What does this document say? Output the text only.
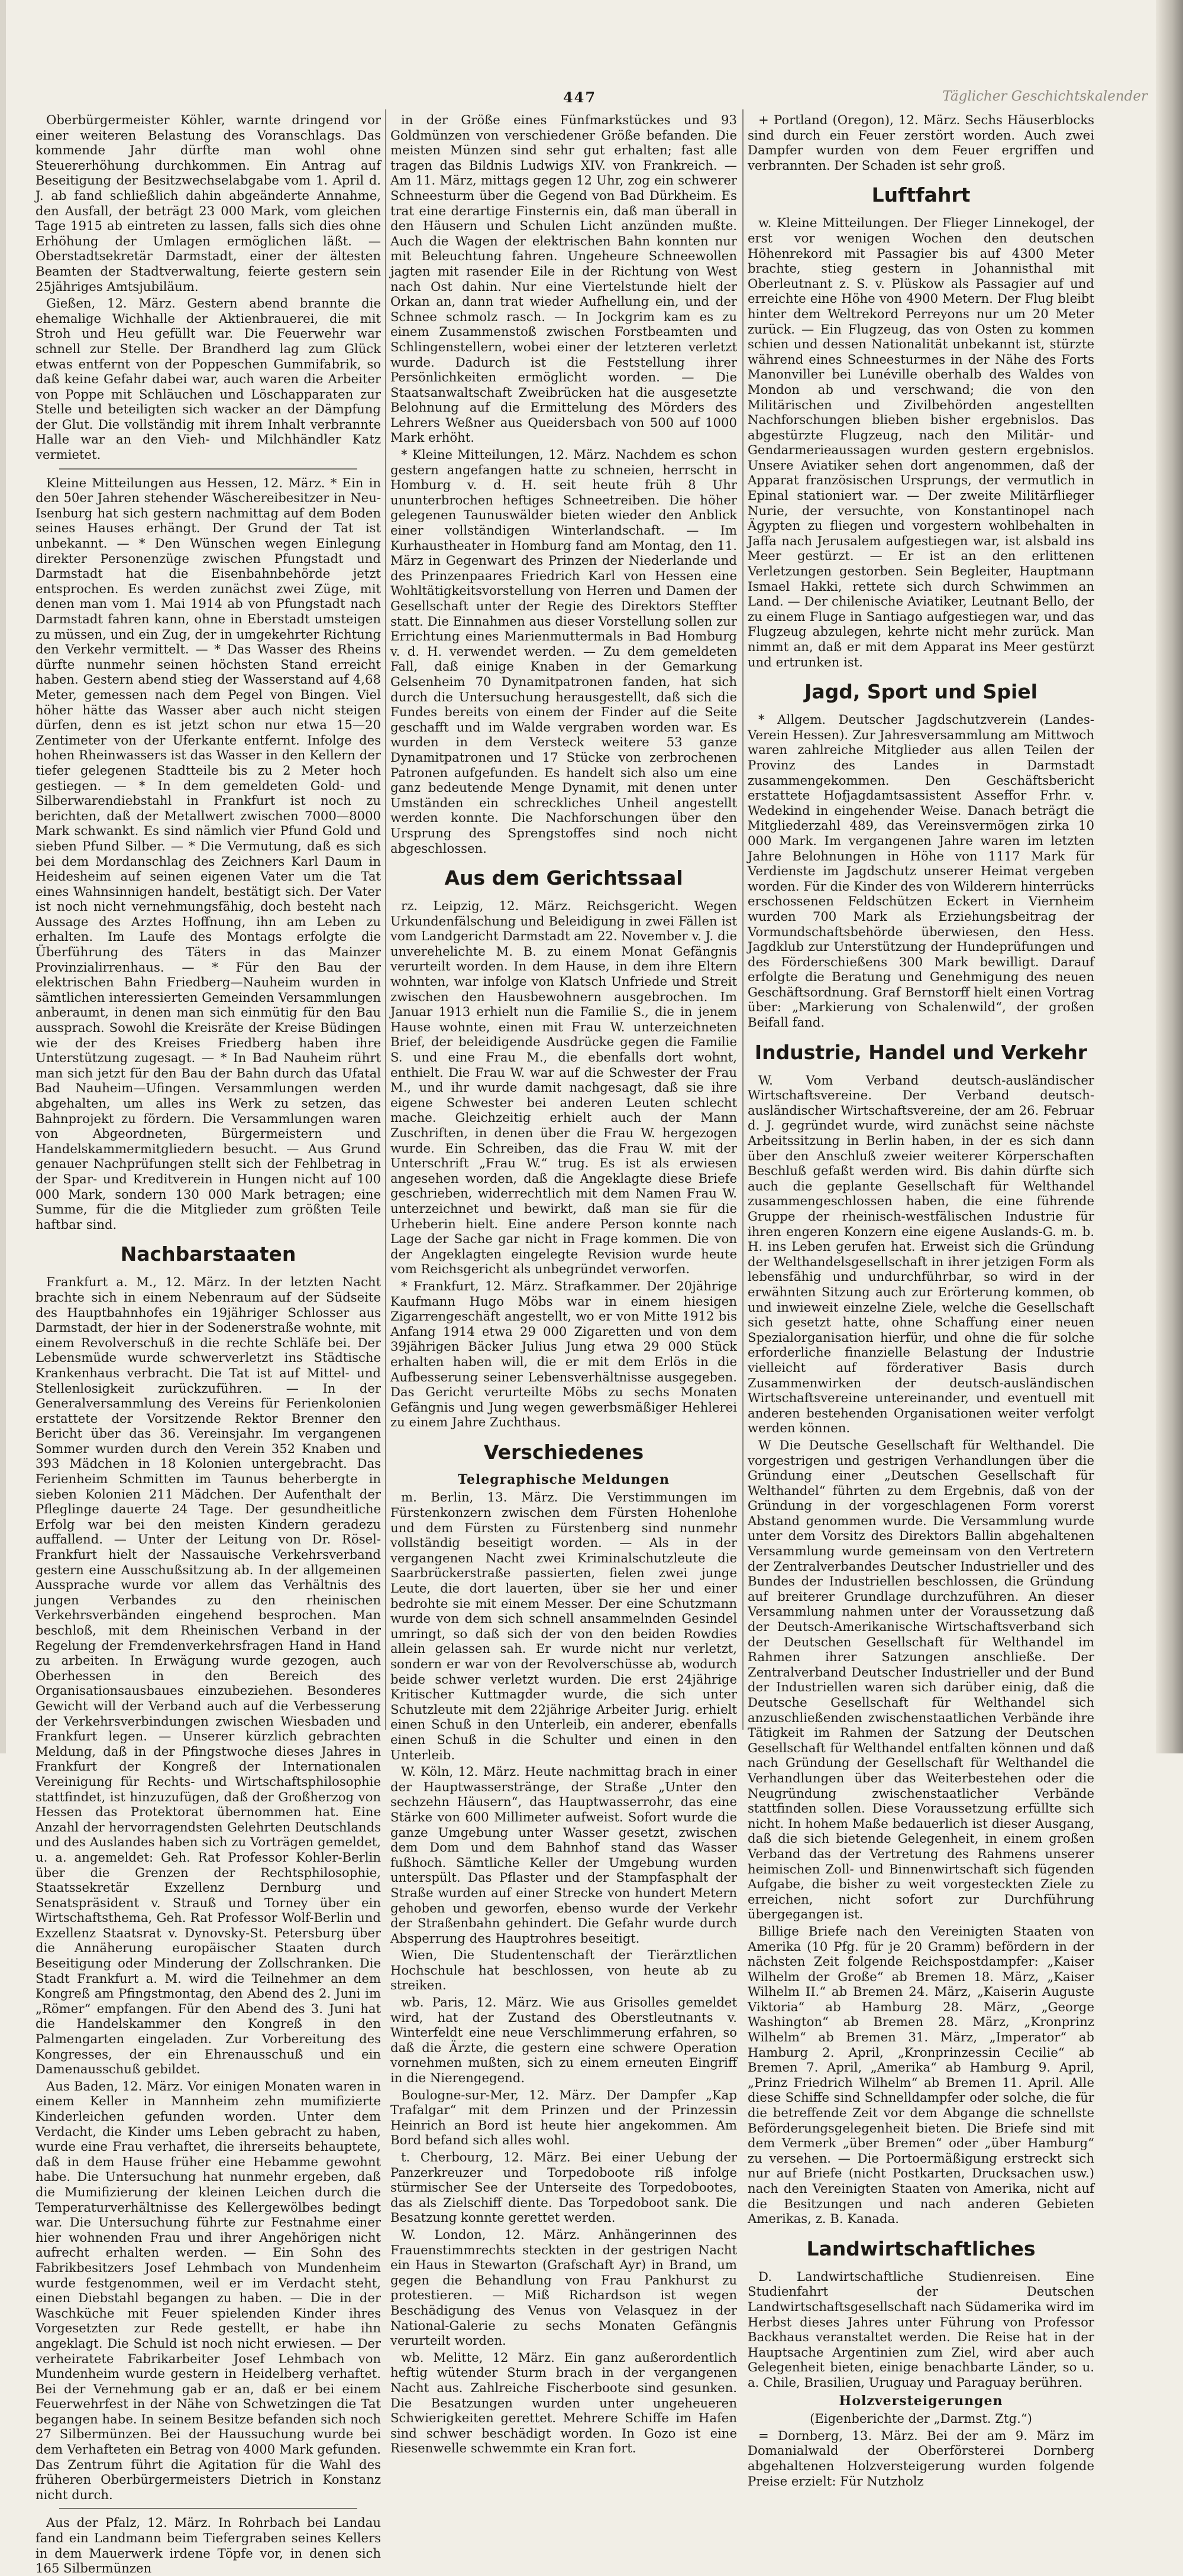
447	Täglicher Geschichtskalender

Oberbürgermeister Köhler, warnte dringend vor einer weiteren Belastung des Voranschlags. Das kommende Jahr dürfte man wohl ohne Steuererhöhung durchkommen. Ein Antrag auf Beseitigung der Besitzwechselabgabe vom 1. April d. J. ab fand schließlich dahin abgeänderte Annahme, den Ausfall, der beträgt 23 000 Mark, vom gleichen Tage 1915 ab eintreten zu lassen, falls sich dies ohne Erhöhung der Umlagen ermöglichen läßt. — Oberstadtsekretär Darmstadt, einer der ältesten Beamten der Stadtverwaltung, feierte gestern sein 25jähriges Amtsjubiläum.

Gießen, 12. März. Gestern abend brannte die ehemalige Wichhalle der Aktienbrauerei, die mit Stroh und Heu gefüllt war. Die Feuerwehr war schnell zur Stelle. Der Brandherd lag zum Glück etwas entfernt von der Poppeschen Gummifabrik, so daß keine Gefahr dabei war, auch waren die Arbeiter von Poppe mit Schläuchen und Löschapparaten zur Stelle und beteiligten sich wacker an der Dämpfung der Glut. Die vollständig mit ihrem Inhalt verbrannte Halle war an den Vieh- und Milchhändler Katz vermietet.

Kleine Mitteilungen aus Hessen, 12. März. * Ein in den 50er Jahren stehender Wäschereibesitzer in Neu-Isenburg hat sich gestern nachmittag auf dem Boden seines Hauses erhängt. Der Grund der Tat ist unbekannt. — * Den Wünschen wegen Einlegung direkter Personenzüge zwischen Pfungstadt und Darmstadt hat die Eisenbahnbehörde jetzt entsprochen. Es werden zunächst zwei Züge, mit denen man vom 1. Mai 1914 ab von Pfungstadt nach Darmstadt fahren kann, ohne in Eberstadt umsteigen zu müssen, und ein Zug, der in umgekehrter Richtung den Verkehr vermittelt. — * Das Wasser des Rheins dürfte nunmehr seinen höchsten Stand erreicht haben. Gestern abend stieg der Wasserstand auf 4,68 Meter, gemessen nach dem Pegel von Bingen. Viel höher hätte das Wasser aber auch nicht steigen dürfen, denn es ist jetzt schon nur etwa 15—20 Zentimeter von der Uferkante entfernt. Infolge des hohen Rheinwassers ist das Wasser in den Kellern der tiefer gelegenen Stadtteile bis zu 2 Meter hoch gestiegen. — * In dem gemeldeten Gold- und Silberwarendiebstahl in Frankfurt ist noch zu berichten, daß der Metallwert zwischen 7000—8000 Mark schwankt. Es sind nämlich vier Pfund Gold und sieben Pfund Silber. — * Die Vermutung, daß es sich bei dem Mordanschlag des Zeichners Karl Daum in Heidesheim auf seinen eigenen Vater um die Tat eines Wahnsinnigen handelt, bestätigt sich. Der Vater ist noch nicht vernehmungsfähig, doch besteht nach Aussage des Arztes Hoffnung, ihn am Leben zu erhalten. Im Laufe des Montags erfolgte die Überführung des Täters in das Mainzer Provinzialirrenhaus. — * Für den Bau der elektrischen Bahn Friedberg—Nauheim wurden in sämtlichen interessierten Gemeinden Versammlungen anberaumt, in denen man sich einmütig für den Bau aussprach. Sowohl die Kreisräte der Kreise Büdingen wie der des Kreises Friedberg haben ihre Unterstützung zugesagt. — * In Bad Nauheim rührt man sich jetzt für den Bau der Bahn durch das Ufatal Bad Nauheim—Ufingen. Versammlungen werden abgehalten, um alles ins Werk zu setzen, das Bahnprojekt zu fördern. Die Versammlungen waren von Abgeordneten, Bürgermeistern und Handelskammermitgliedern besucht. — Aus Grund genauer Nachprüfungen stellt sich der Fehlbetrag in der Spar- und Kreditverein in Hungen nicht auf 100 000 Mark, sondern 130 000 Mark betragen; eine Summe, für die die Mitglieder zum größten Teile haftbar sind.

Nachbarstaaten

Frankfurt a. M., 12. März. In der letzten Nacht brachte sich in einem Nebenraum auf der Südseite des Hauptbahnhofes ein 19jähriger Schlosser aus Darmstadt, der hier in der Sodenerstraße wohnte, mit einem Revolverschuß in die rechte Schläfe bei. Der Lebensmüde wurde schwerverletzt ins Städtische Krankenhaus verbracht. Die Tat ist auf Mittel- und Stellenlosigkeit zurückzuführen. — In der Generalversammlung des Vereins für Ferienkolonien erstattete der Vorsitzende Rektor Brenner den Bericht über das 36. Vereinsjahr. Im vergangenen Sommer wurden durch den Verein 352 Knaben und 393 Mädchen in 18 Kolonien untergebracht. Das Ferienheim Schmitten im Taunus beherbergte in sieben Kolonien 211 Mädchen. Der Aufenthalt der Pfleglinge dauerte 24 Tage. Der gesundheitliche Erfolg war bei den meisten Kindern geradezu auffallend. — Unter der Leitung von Dr. Rösel-Frankfurt hielt der Nassauische Verkehrsverband gestern eine Ausschußsitzung ab. In der allgemeinen Aussprache wurde vor allem das Verhältnis des jungen Verbandes zu den rheinischen Verkehrsverbänden eingehend besprochen. Man beschloß, mit dem Rheinischen Verband in der Regelung der Fremdenverkehrsfragen Hand in Hand zu arbeiten. In Erwägung wurde gezogen, auch Oberhessen in den Bereich des Organisationsausbaues einzubeziehen. Besonderes Gewicht will der Verband auch auf die Verbesserung der Verkehrsverbindungen zwischen Wiesbaden und Frankfurt legen. — Unserer kürzlich gebrachten Meldung, daß in der Pfingstwoche dieses Jahres in Frankfurt der Kongreß der Internationalen Vereinigung für Rechts- und Wirtschaftsphilosophie stattfindet, ist hinzuzufügen, daß der Großherzog von Hessen das Protektorat übernommen hat. Eine Anzahl der hervorragendsten Gelehrten Deutschlands und des Auslandes haben sich zu Vorträgen gemeldet, u. a. angemeldet: Geh. Rat Professor Kohler-Berlin über die Grenzen der Rechtsphilosophie, Staatssekretär Exzellenz Dernburg und Senatspräsident v. Strauß und Torney über ein Wirtschaftsthema, Geh. Rat Professor Wolf-Berlin und Exzellenz Staatsrat v. Dynovsky-St. Petersburg über die Annäherung europäischer Staaten durch Beseitigung oder Minderung der Zollschranken. Die Stadt Frankfurt a. M. wird die Teilnehmer an dem Kongreß am Pfingstmontag, den Abend des 2. Juni im „Römer“ empfangen. Für den Abend des 3. Juni hat die Handelskammer den Kongreß in den Palmengarten eingeladen. Zur Vorbereitung des Kongresses, der ein Ehrenausschuß und ein Damenausschuß gebildet.

Aus Baden, 12. März. Vor einigen Monaten waren in einem Keller in Mannheim zehn mumifizierte Kinderleichen gefunden worden. Unter dem Verdacht, die Kinder ums Leben gebracht zu haben, wurde eine Frau verhaftet, die ihrerseits behauptete, daß in dem Hause früher eine Hebamme gewohnt habe. Die Untersuchung hat nunmehr ergeben, daß die Mumifizierung der kleinen Leichen durch die Temperaturverhältnisse des Kellergewölbes bedingt war. Die Untersuchung führte zur Festnahme einer hier wohnenden Frau und ihrer Angehörigen nicht aufrecht erhalten werden. — Ein Sohn des Fabrikbesitzers Josef Lehmbach von Mundenheim wurde festgenommen, weil er im Verdacht steht, einen Diebstahl begangen zu haben. — Die in der Waschküche mit Feuer spielenden Kinder ihres Vorgesetzten zur Rede gestellt, er habe ihn angeklagt. Die Schuld ist noch nicht erwiesen. — Der verheiratete Fabrikarbeiter Josef Lehmbach von Mundenheim wurde gestern in Heidelberg verhaftet. Bei der Vernehmung gab er an, daß er bei einem Feuerwehrfest in der Nähe von Schwetzingen die Tat begangen habe. In seinem Besitze befanden sich noch 27 Silbermünzen. Bei der Haussuchung wurde bei dem Verhafteten ein Betrag von 4000 Mark gefunden. Das Zentrum führt die Agitation für die Wahl des früheren Oberbürgermeisters Dietrich in Konstanz nicht durch.

Aus der Pfalz, 12. März. In Rohrbach bei Landau fand ein Landmann beim Tiefergraben seines Kellers in dem Mauerwerk irdene Töpfe vor, in denen sich 165 Silbermünzen

in der Größe eines Fünfmarkstückes und 93 Goldmünzen von verschiedener Größe befanden. Die meisten Münzen sind sehr gut erhalten; fast alle tragen das Bildnis Ludwigs XIV. von Frankreich. — Am 11. März, mittags gegen 12 Uhr, zog ein schwerer Schneesturm über die Gegend von Bad Dürkheim. Es trat eine derartige Finsternis ein, daß man überall in den Häusern und Schulen Licht anzünden mußte. Auch die Wagen der elektrischen Bahn konnten nur mit Beleuchtung fahren. Ungeheure Schneewollen jagten mit rasender Eile in der Richtung von West nach Ost dahin. Nur eine Viertelstunde hielt der Orkan an, dann trat wieder Aufhellung ein, und der Schnee schmolz rasch. — In Jockgrim kam es zu einem Zusammenstoß zwischen Forstbeamten und Schlingenstellern, wobei einer der letzteren verletzt wurde. Dadurch ist die Feststellung ihrer Persönlichkeiten ermöglicht worden. — Die Staatsanwaltschaft Zweibrücken hat die ausgesetzte Belohnung auf die Ermittelung des Mörders des Lehrers Weßner aus Queidersbach von 500 auf 1000 Mark erhöht.

* Kleine Mitteilungen, 12. März. Nachdem es schon gestern angefangen hatte zu schneien, herrscht in Homburg v. d. H. seit heute früh 8 Uhr ununterbrochen heftiges Schneetreiben. Die höher gelegenen Taunuswälder bieten wieder den Anblick einer vollständigen Winterlandschaft. — Im Kurhaustheater in Homburg fand am Montag, den 11. März in Gegenwart des Prinzen der Niederlande und des Prinzenpaares Friedrich Karl von Hessen eine Wohltätigkeitsvorstellung von Herren und Damen der Gesellschaft unter der Regie des Direktors Steffter statt. Die Einnahmen aus dieser Vorstellung sollen zur Errichtung eines Marienmuttermals in Bad Homburg v. d. H. verwendet werden. — Zu dem gemeldeten Fall, daß einige Knaben in der Gemarkung Gelsenheim 70 Dynamitpatronen fanden, hat sich durch die Untersuchung herausgestellt, daß sich die Fundes bereits von einem der Finder auf die Seite geschafft und im Walde vergraben worden war. Es wurden in dem Versteck weitere 53 ganze Dynamitpatronen und 17 Stücke von zerbrochenen Patronen aufgefunden. Es handelt sich also um eine ganz bedeutende Menge Dynamit, mit denen unter Umständen ein schreckliches Unheil angestellt werden konnte. Die Nachforschungen über den Ursprung des Sprengstoffes sind noch nicht abgeschlossen.

Aus dem Gerichtssaal

rz. Leipzig, 12. März. Reichsgericht. Wegen Urkundenfälschung und Beleidigung in zwei Fällen ist vom Landgericht Darmstadt am 22. November v. J. die unverehelichte M. B. zu einem Monat Gefängnis verurteilt worden. In dem Hause, in dem ihre Eltern wohnten, war infolge von Klatsch Unfriede und Streit zwischen den Hausbewohnern ausgebrochen. Im Januar 1913 erhielt nun die Familie S., die in jenem Hause wohnte, einen mit Frau W. unterzeichneten Brief, der beleidigende Ausdrücke gegen die Familie S. und eine Frau M., die ebenfalls dort wohnt, enthielt. Die Frau W. war auf die Schwester der Frau M., und ihr wurde damit nachgesagt, daß sie ihre eigene Schwester bei anderen Leuten schlecht mache. Gleichzeitig erhielt auch der Mann Zuschriften, in denen über die Frau W. hergezogen wurde. Ein Schreiben, das die Frau W. mit der Unterschrift „Frau W.“ trug. Es ist als erwiesen angesehen worden, daß die Angeklagte diese Briefe geschrieben, widerrechtlich mit dem Namen Frau W. unterzeichnet und bewirkt, daß man sie für die Urheberin hielt. Eine andere Person konnte nach Lage der Sache gar nicht in Frage kommen. Die von der Angeklagten eingelegte Revision wurde heute vom Reichsgericht als unbegründet verworfen.

* Frankfurt, 12. März. Strafkammer. Der 20jährige Kaufmann Hugo Möbs war in einem hiesigen Zigarrengeschäft angestellt, wo er von Mitte 1912 bis Anfang 1914 etwa 29 000 Zigaretten und von dem 39jährigen Bäcker Julius Jung etwa 29 000 Stück erhalten haben will, die er mit dem Erlös in die Aufbesserung seiner Lebensverhältnisse ausgegeben. Das Gericht verurteilte Möbs zu sechs Monaten Gefängnis und Jung wegen gewerbsmäßiger Hehlerei zu einem Jahre Zuchthaus.

Verschiedenes
Telegraphische Meldungen

m. Berlin, 13. März. Die Verstimmungen im Fürstenkonzern zwischen dem Fürsten Hohenlohe und dem Fürsten zu Fürstenberg sind nunmehr vollständig beseitigt worden. — Als in der vergangenen Nacht zwei Kriminalschutzleute die Saarbrückerstraße passierten, fielen zwei junge Leute, die dort lauerten, über sie her und einer bedrohte sie mit einem Messer. Der eine Schutzmann wurde von dem sich schnell ansammelnden Gesindel umringt, so daß sich der von den beiden Rowdies allein gelassen sah. Er wurde nicht nur verletzt, sondern er war von der Revolverschüsse ab, wodurch beide schwer verletzt wurden. Die erst 24jährige Kritischer Kuttmagder wurde, die sich unter Schutzleute mit dem 22jährige Arbeiter Jurig. erhielt einen Schuß in den Unterleib, ein anderer, ebenfalls einen Schuß in die Schulter und einen in den Unterleib.

W. Köln, 12. März. Heute nachmittag brach in einer der Hauptwasserstränge, der Straße „Unter den sechzehn Häusern“, das Hauptwasserrohr, das eine Stärke von 600 Millimeter aufweist. Sofort wurde die ganze Umgebung unter Wasser gesetzt, zwischen dem Dom und dem Bahnhof stand das Wasser fußhoch. Sämtliche Keller der Umgebung wurden unterspült. Das Pflaster und der Stampfasphalt der Straße wurden auf einer Strecke von hundert Metern gehoben und geworfen, ebenso wurde der Verkehr der Straßenbahn gehindert. Die Gefahr wurde durch Absperrung des Hauptrohres beseitigt.

Wien, Die Studentenschaft der Tierärztlichen Hochschule hat beschlossen, von heute ab zu streiken.

wb. Paris, 12. März. Wie aus Grisolles gemeldet wird, hat der Zustand des Oberstleutnants v. Winterfeldt eine neue Verschlimmerung erfahren, so daß die Ärzte, die gestern eine schwere Operation vornehmen mußten, sich zu einem erneuten Eingriff in die Nierengegend.

Boulogne-sur-Mer, 12. März. Der Dampfer „Kap Trafalgar“ mit dem Prinzen und der Prinzessin Heinrich an Bord ist heute hier angekommen. Am Bord befand sich alles wohl.

t. Cherbourg, 12. März. Bei einer Uebung der Panzerkreuzer und Torpedoboote riß infolge stürmischer See der Unterseite des Torpedobootes, das als Zielschiff diente. Das Torpedoboot sank. Die Besatzung konnte gerettet werden.

W. London, 12. März. Anhängerinnen des Frauenstimmrechts steckten in der gestrigen Nacht ein Haus in Stewarton (Grafschaft Ayr) in Brand, um gegen die Behandlung von Frau Pankhurst zu protestieren. — Miß Richardson ist wegen Beschädigung des Venus von Velasquez in der National-Galerie zu sechs Monaten Gefängnis verurteilt worden.

wb. Melitte, 12 März. Ein ganz außerordentlich heftig wütender Sturm brach in der vergangenen Nacht aus. Zahlreiche Fischerboote sind gesunken. Die Besatzungen wurden unter ungeheueren Schwierigkeiten gerettet. Mehrere Schiffe im Hafen sind schwer beschädigt worden. In Gozo ist eine Riesenwelle schwemmte ein Kran fort.

+ Portland (Oregon), 12. März. Sechs Häuserblocks sind durch ein Feuer zerstört worden. Auch zwei Dampfer wurden von dem Feuer ergriffen und verbrannten. Der Schaden ist sehr groß.

Luftfahrt

w. Kleine Mitteilungen. Der Flieger Linnekogel, der erst vor wenigen Wochen den deutschen Höhenrekord mit Passagier bis auf 4300 Meter brachte, stieg gestern in Johannisthal mit Oberleutnant z. S. v. Plüskow als Passagier auf und erreichte eine Höhe von 4900 Metern. Der Flug bleibt hinter dem Weltrekord Perreyons nur um 20 Meter zurück. — Ein Flugzeug, das von Osten zu kommen schien und dessen Nationalität unbekannt ist, stürzte während eines Schneesturmes in der Nähe des Forts Manonviller bei Lunéville oberhalb des Waldes von Mondon ab und verschwand; die von den Militärischen und Zivilbehörden angestellten Nachforschungen blieben bisher ergebnislos. Das abgestürzte Flugzeug, nach den Militär- und Gendarmerieaussagen wurden gestern ergebnislos. Unsere Aviatiker sehen dort angenommen, daß der Apparat französischen Ursprungs, der vermutlich in Epinal stationiert war. — Der zweite Militärflieger Nurie, der versuchte, von Konstantinopel nach Ägypten zu fliegen und vorgestern wohlbehalten in Jaffa nach Jerusalem aufgestiegen war, ist alsbald ins Meer gestürzt. — Er ist an den erlittenen Verletzungen gestorben. Sein Begleiter, Hauptmann Ismael Hakki, rettete sich durch Schwimmen an Land. — Der chilenische Aviatiker, Leutnant Bello, der zu einem Fluge in Santiago aufgestiegen war, und das Flugzeug abzulegen, kehrte nicht mehr zurück. Man nimmt an, daß er mit dem Apparat ins Meer gestürzt und ertrunken ist.

Jagd, Sport und Spiel

* Allgem. Deutscher Jagdschutzverein (Landes-Verein Hessen). Zur Jahresversammlung am Mittwoch waren zahlreiche Mitglieder aus allen Teilen der Provinz des Landes in Darmstadt zusammengekommen. Den Geschäftsbericht erstattete Hofjagdamtsassistent Asseffor Frhr. v. Wedekind in eingehender Weise. Danach beträgt die Mitgliederzahl 489, das Vereinsvermögen zirka 10 000 Mark. Im vergangenen Jahre waren im letzten Jahre Belohnungen in Höhe von 1117 Mark für Verdienste im Jagdschutz unserer Heimat vergeben worden. Für die Kinder des von Wilderern hinterrücks erschossenen Feldschützen Eckert in Viernheim wurden 700 Mark als Erziehungsbeitrag der Vormundschaftsbehörde überwiesen, den Hess. Jagdklub zur Unterstützung der Hundeprüfungen und des Förderschießens 300 Mark bewilligt. Darauf erfolgte die Beratung und Genehmigung des neuen Geschäftsordnung. Graf Bernstorff hielt einen Vortrag über: „Markierung von Schalenwild“, der großen Beifall fand.

Industrie, Handel und Verkehr

W. Vom Verband deutsch-ausländischer Wirtschaftsvereine. Der Verband deutsch-ausländischer Wirtschaftsvereine, der am 26. Februar d. J. gegründet wurde, wird zunächst seine nächste Arbeitssitzung in Berlin haben, in der es sich dann über den Anschluß zweier weiterer Körperschaften Beschluß gefaßt werden wird. Bis dahin dürfte sich auch die geplante Gesellschaft für Welthandel zusammengeschlossen haben, die eine führende Gruppe der rheinisch-westfälischen Industrie für ihren engeren Konzern eine eigene Auslands-G. m. b. H. ins Leben gerufen hat. Erweist sich die Gründung der Welthandelsgesellschaft in ihrer jetzigen Form als lebensfähig und undurchführbar, so wird in der erwähnten Sitzung auch zur Erörterung kommen, ob und inwieweit einzelne Ziele, welche die Gesellschaft sich gesetzt hatte, ohne Schaffung einer neuen Spezialorganisation hierfür, und ohne die für solche erforderliche finanzielle Belastung der Industrie vielleicht auf förderativer Basis durch Zusammenwirken der deutsch-ausländischen Wirtschaftsvereine untereinander, und eventuell mit anderen bestehenden Organisationen weiter verfolgt werden können.

W Die Deutsche Gesellschaft für Welthandel. Die vorgestrigen und gestrigen Verhandlungen über die Gründung einer „Deutschen Gesellschaft für Welthandel“ führten zu dem Ergebnis, daß von der Gründung in der vorgeschlagenen Form vorerst Abstand genommen wurde. Die Versammlung wurde unter dem Vorsitz des Direktors Ballin abgehaltenen Versammlung wurde gemeinsam von den Vertretern der Zentralverbandes Deutscher Industrieller und des Bundes der Industriellen beschlossen, die Gründung auf breiterer Grundlage durchzuführen. An dieser Versammlung nahmen unter der Voraussetzung daß der Deutsch-Amerikanische Wirtschaftsverband sich der Deutschen Gesellschaft für Welthandel im Rahmen ihrer Satzungen anschließe. Der Zentralverband Deutscher Industrieller und der Bund der Industriellen waren sich darüber einig, daß die Deutsche Gesellschaft für Welthandel sich anzuschließenden zwischenstaatlichen Verbände ihre Tätigkeit im Rahmen der Satzung der Deutschen Gesellschaft für Welthandel entfalten können und daß nach Gründung der Gesellschaft für Welthandel die Verhandlungen über das Weiterbestehen oder die Neugründung zwischenstaatlicher Verbände stattfinden sollen. Diese Voraussetzung erfüllte sich nicht. In hohem Maße bedauerlich ist dieser Ausgang, daß die sich bietende Gelegenheit, in einem großen Verband das der Vertretung des Rahmens unserer heimischen Zoll- und Binnenwirtschaft sich fügenden Aufgabe, die bisher zu weit vorgesteckten Ziele zu erreichen, nicht sofort zur Durchführung übergegangen ist.

Billige Briefe nach den Vereinigten Staaten von Amerika (10 Pfg. für je 20 Gramm) befördern in der nächsten Zeit folgende Reichspostdampfer: „Kaiser Wilhelm der Große“ ab Bremen 18. März, „Kaiser Wilhelm II.“ ab Bremen 24. März, „Kaiserin Auguste Viktoria“ ab Hamburg 28. März, „George Washington“ ab Bremen 28. März, „Kronprinz Wilhelm“ ab Bremen 31. März, „Imperator“ ab Hamburg 2. April, „Kronprinzessin Cecilie“ ab Bremen 7. April, „Amerika“ ab Hamburg 9. April, „Prinz Friedrich Wilhelm“ ab Bremen 11. April. Alle diese Schiffe sind Schnelldampfer oder solche, die für die betreffende Zeit vor dem Abgange die schnellste Beförderungsgelegenheit bieten. Die Briefe sind mit dem Vermerk „über Bremen“ oder „über Hamburg“ zu versehen. — Die Portoermäßigung erstreckt sich nur auf Briefe (nicht Postkarten, Drucksachen usw.) nach den Vereinigten Staaten von Amerika, nicht auf die Besitzungen und nach anderen Gebieten Amerikas, z. B. Kanada.

Landwirtschaftliches

D. Landwirtschaftliche Studienreisen. Eine Studienfahrt der Deutschen Landwirtschaftsgesellschaft nach Südamerika wird im Herbst dieses Jahres unter Führung von Professor Backhaus veranstaltet werden. Die Reise hat in der Hauptsache Argentinien zum Ziel, wird aber auch Gelegenheit bieten, einige benachbarte Länder, so u. a. Chile, Brasilien, Uruguay und Paraguay berühren.

Holzversteigerungen

(Eigenberichte der „Darmst. Ztg.“)

= Dornberg, 13. März. Bei der am 9. März im Domanialwald der Oberförsterei Dornberg abgehaltenen Holzversteigerung wurden folgende Preise erzielt: Für Nutzholz
